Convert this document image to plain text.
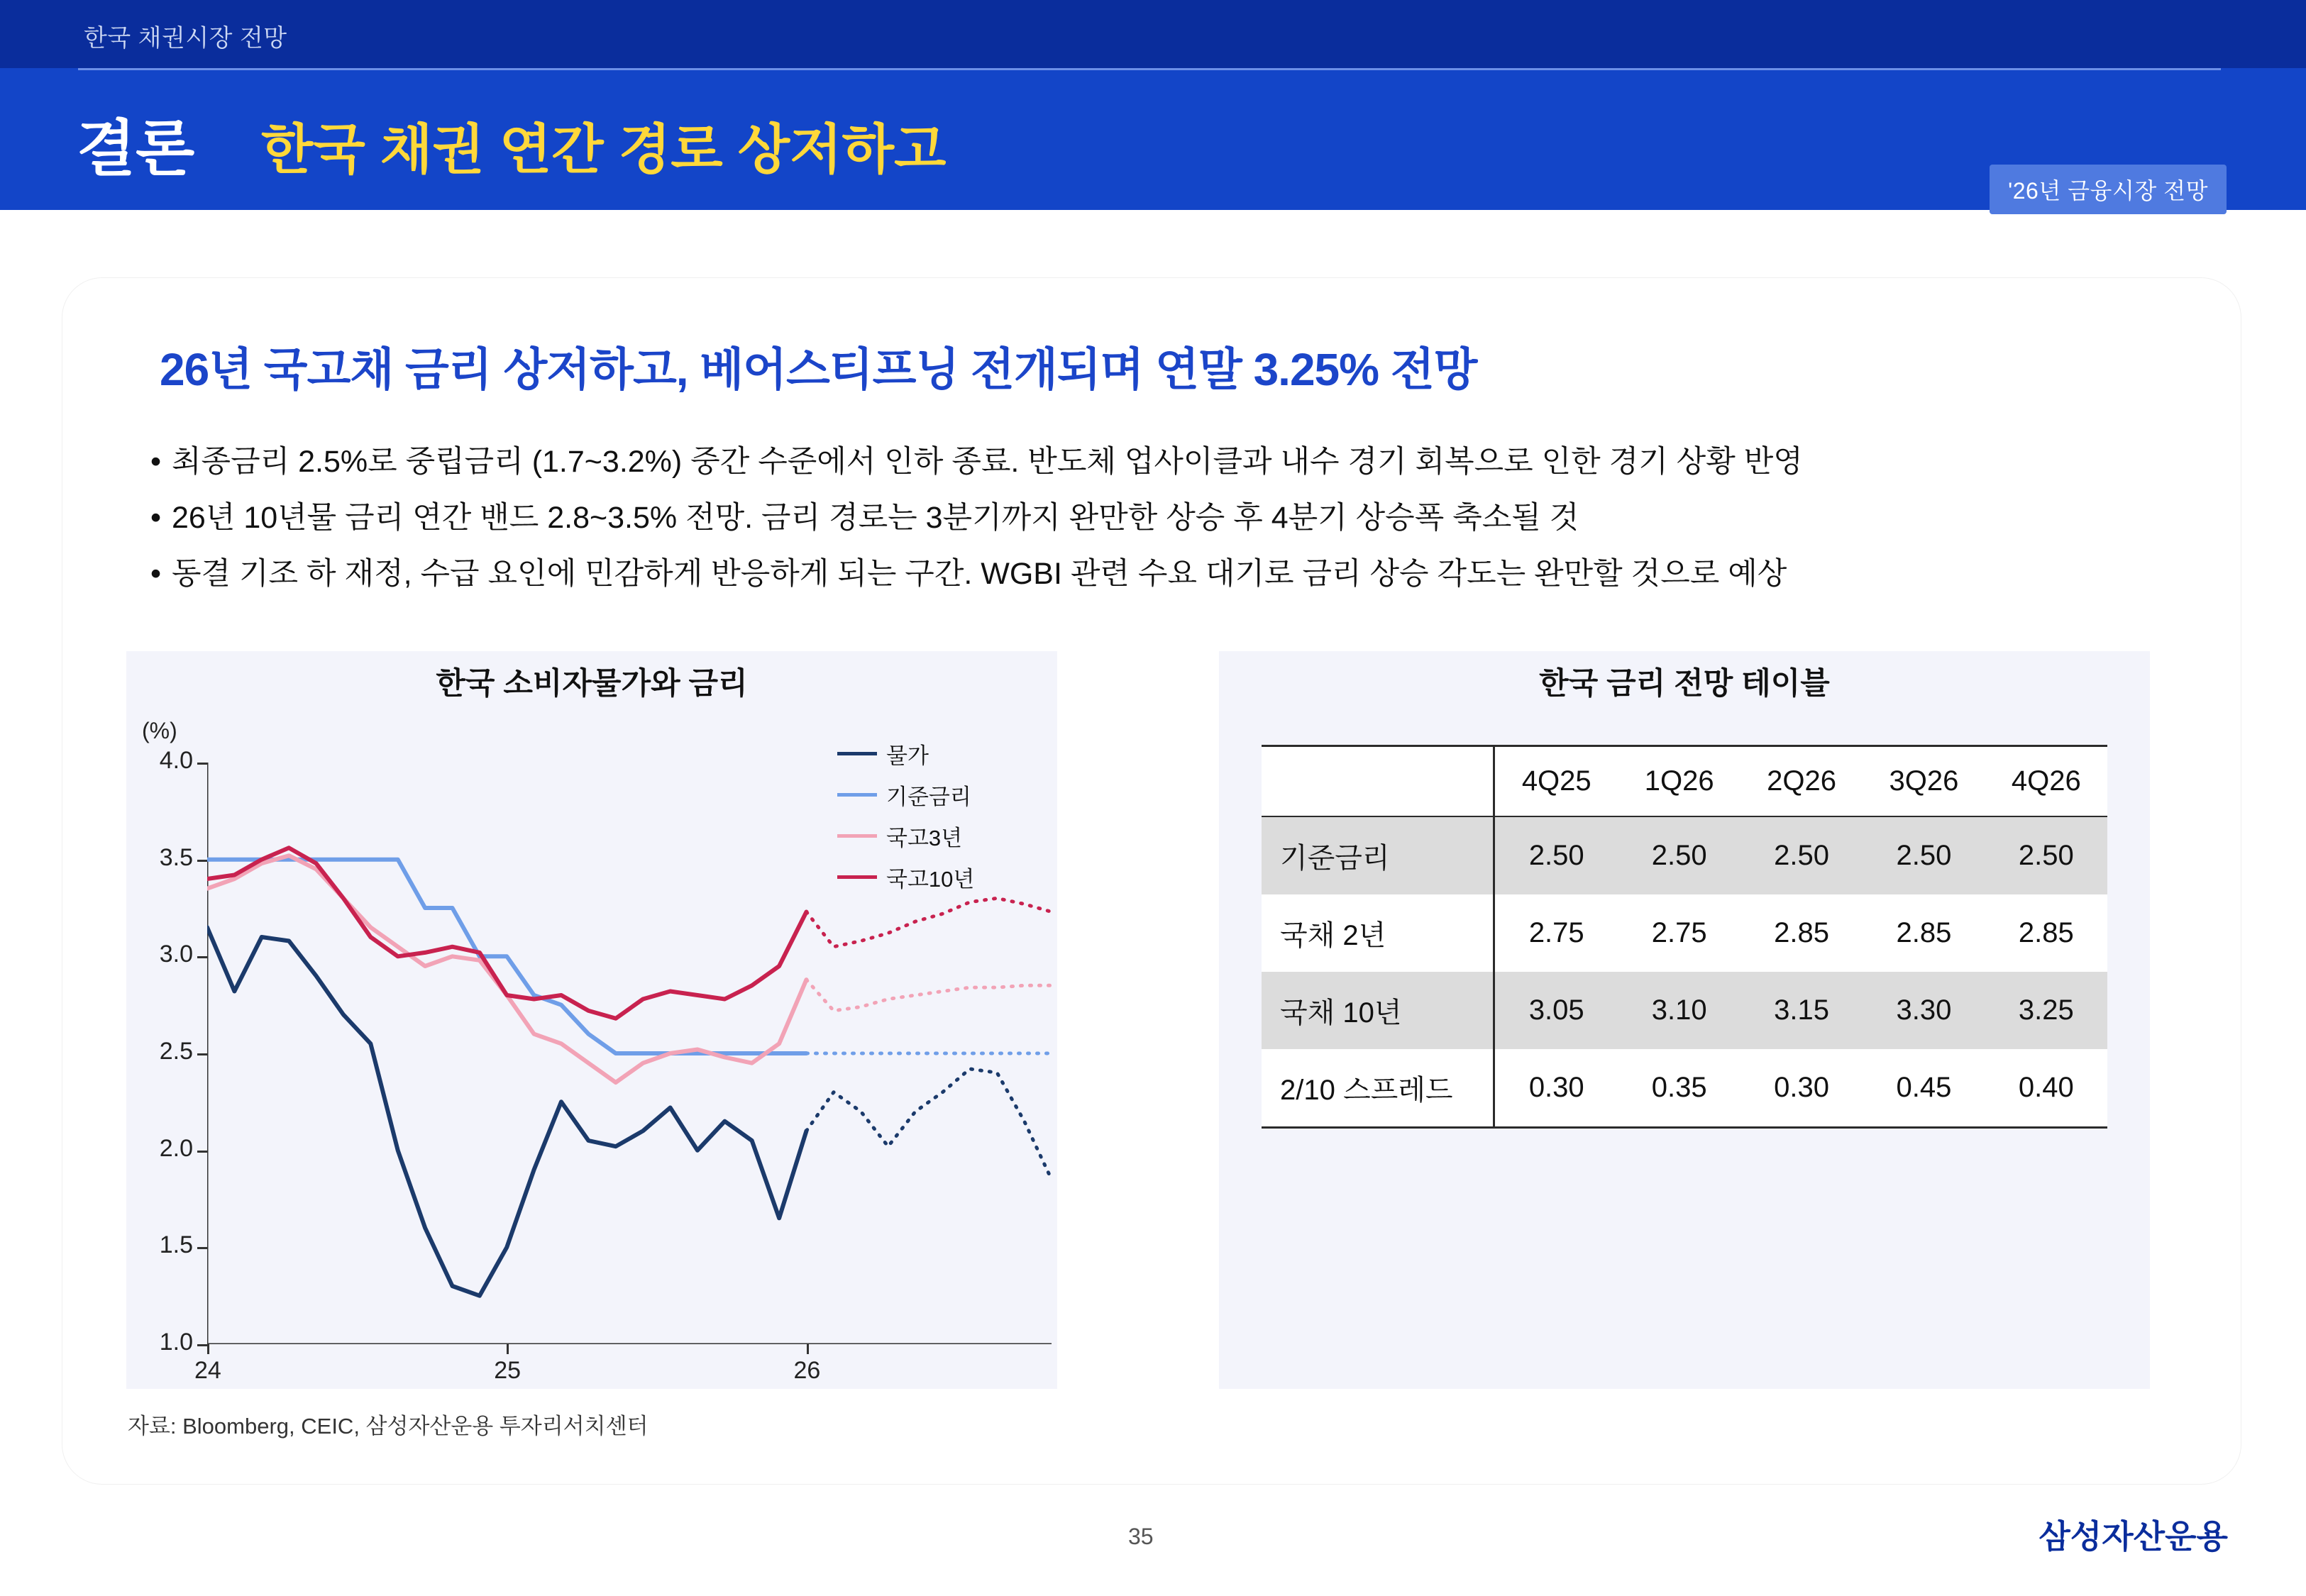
한국 채권시장 전망
결론 한국 채권 연간 경로 상저하고
'26년 금융시장 전망
26년 국고채 금리 상저하고, 베어스티프닝 전개되며 연말 3.25% 전망
• 최종금리 2.5%로 중립금리 (1.7~3.2%) 중간 수준에서 인하 종료. 반도체 업사이클과 내수 경기 회복으로 인한 경기 상황 반영
• 26년 10년물 금리 연간 밴드 2.8~3.5% 전망. 금리 경로는 3분기까지 완만한 상승 후 4분기 상승폭 축소될 것
• 동결 기조 하 재정, 수급 요인에 민감하게 반응하게 되는 구간. WGBI 관련 수요 대기로 금리 상승 각도는 완만할 것으로 예상
한국 소비자물가와 금리
(%)
1.0
1.5
2.0
2.5
3.0
3.5
4.0
24	25	26
물가
기준금리
국고3년
국고10년
자료: Bloomberg, CEIC, 삼성자산운용 투자리서치센터
한국 금리 전망 테이블
	4Q25	1Q26	2Q26	3Q26	4Q26
기준금리	2.50	2.50	2.50	2.50	2.50
국채 2년	2.75	2.75	2.85	2.85	2.85
국채 10년	3.05	3.10	3.15	3.30	3.25
2/10 스프레드	0.30	0.35	0.30	0.45	0.40
35	삼성자산운용
